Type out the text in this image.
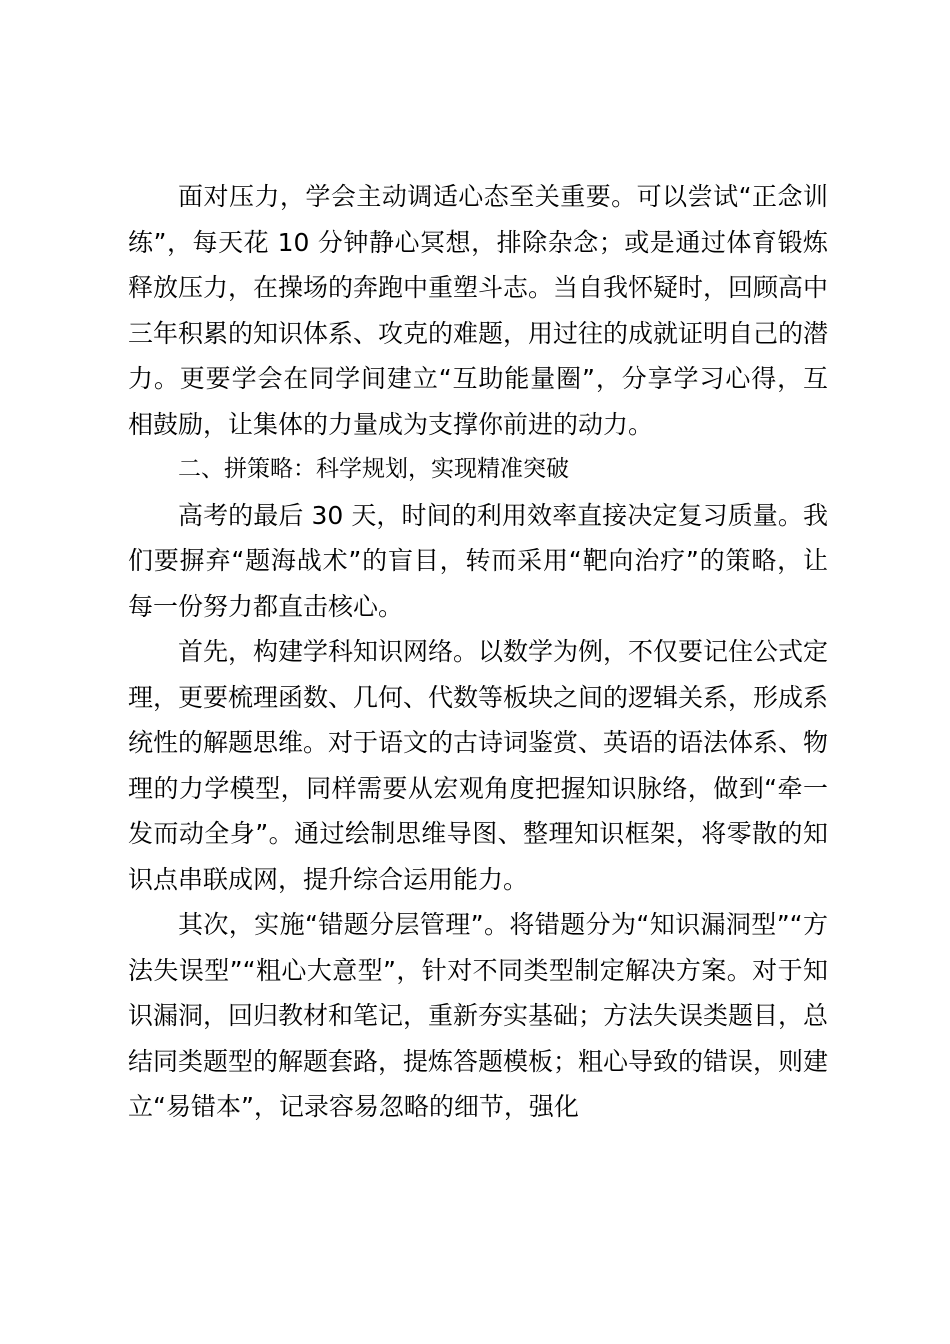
面对压力，学会主动调适心态至关重要。可以尝试“正念训练”，每天花 10 分钟静心冥想，排除杂念；或是通过体育锻炼释放压力，在操场的奔跑中重塑斗志。当自我怀疑时，回顾高中三年积累的知识体系、攻克的难题，用过往的成就证明自己的潜力。更要学会在同学间建立“互助能量圈”，分享学习心得，互相鼓励，让集体的力量成为支撑你前进的动力。

二、拼策略：科学规划，实现精准突破

高考的最后 30 天，时间的利用效率直接决定复习质量。我们要摒弃“题海战术”的盲目，转而采用“靶向治疗”的策略，让每一份努力都直击核心。

首先，构建学科知识网络。以数学为例，不仅要记住公式定理，更要梳理函数、几何、代数等板块之间的逻辑关系，形成系统性的解题思维。对于语文的古诗词鉴赏、英语的语法体系、物理的力学模型，同样需要从宏观角度把握知识脉络，做到“牵一发而动全身”。通过绘制思维导图、整理知识框架，将零散的知识点串联成网，提升综合运用能力。

其次，实施“错题分层管理”。将错题分为“知识漏洞型”“方法失误型”“粗心大意型”，针对不同类型制定解决方案。对于知识漏洞，回归教材和笔记，重新夯实基础；方法失误类题目，总结同类题型的解题套路，提炼答题模板；粗心导致的错误，则建立“易错本”，记录容易忽略的细节，强化
